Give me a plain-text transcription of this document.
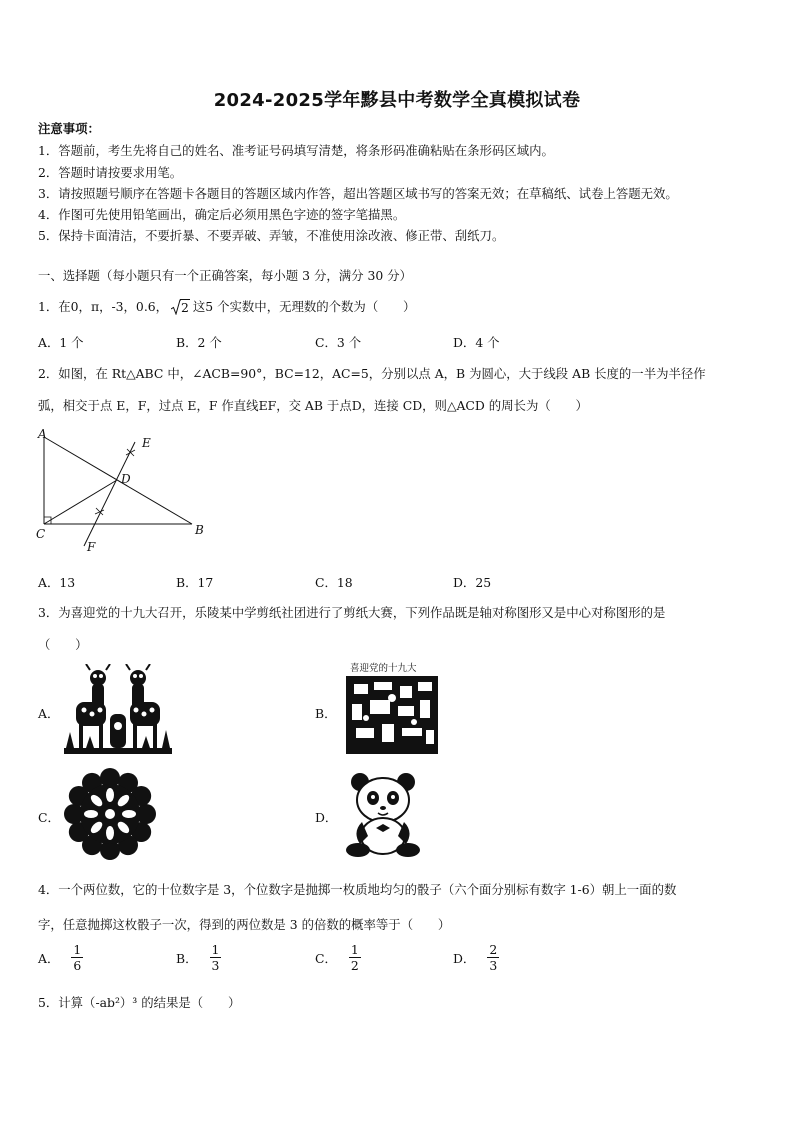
2024-2025学年黟县中考数学全真模拟试卷
注意事项：
1．答题前，考生先将自己的姓名、准考证号码填写清楚，将条形码准确粘贴在条形码区域内。
2．答题时请按要求用笔。
3．请按照题号顺序在答题卡各题目的答题区域内作答，超出答题区域书写的答案无效；在草稿纸、试卷上答题无效。
4．作图可先使用铅笔画出，确定后必须用黑色字迹的签字笔描黑。
5．保持卡面清洁，不要折暴、不要弄破、弄皱，不准使用涂改液、修正带、刮纸刀。
一、选择题（每小题只有一个正确答案，每小题 3 分，满分 30 分）
1．在0，π，-3，0.6， 2 这5 个实数中，无理数的个数为（　　）
A．1 个	B．2 个	C．3 个	D．4 个
2．如图，在 Rt△ABC 中，∠ACB=90°，BC=12，AC=5，分别以点 A，B 为圆心，大于线段 AB 长度的一半为半径作
弧，相交于点 E，F，过点 E，F 作直线EF，交 AB 于点D，连接 CD，则△ACD 的周长为（　　）
A
B
C
D
E
F
A．13	B．17	C．18	D．25
3．为喜迎党的十九大召开，乐陵某中学剪纸社团进行了剪纸大赛，下列作品既是轴对称图形又是中心对称图形的是
（　　）
A．	B．
喜迎党的十九大
C．	D．
4．一个两位数，它的十位数字是 3，个位数字是抛掷一枚质地均匀的骰子（六个面分别标有数字 1-6）朝上一面的数
字，任意抛掷这枚骰子一次，得到的两位数是 3 的倍数的概率等于（　　）
A． $\frac{1}{6}$	B． $\frac{1}{3}$	C． $\frac{1}{2}$	D． $\frac{2}{3}$
5．计算（-ab²）³ 的结果是（　　）
